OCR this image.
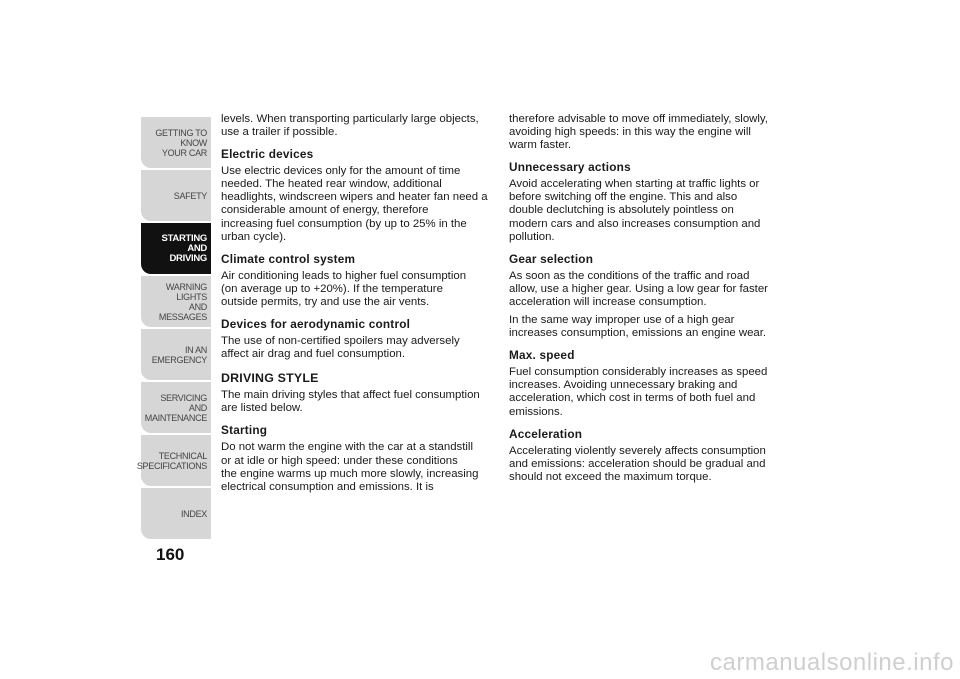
GETTING TO KNOW
YOUR CAR
SAFETY
STARTING AND
DRIVING
WARNING LIGHTS
AND MESSAGES
IN AN EMERGENCY
SERVICING AND
MAINTENANCE
TECHNICAL
SPECIFICATIONS
INDEX
160

levels. When transporting particularly large objects,
use a trailer if possible.

Electric devices

Use electric devices only for the amount of time
needed. The heated rear window, additional
headlights, windscreen wipers and heater fan need a
considerable amount of energy, therefore
increasing fuel consumption (by up to 25% in the
urban cycle).

Climate control system

Air conditioning leads to higher fuel consumption
(on average up to +20%). If the temperature
outside permits, try and use the air vents.

Devices for aerodynamic control

The use of non-certified spoilers may adversely
affect air drag and fuel consumption.

DRIVING STYLE

The main driving styles that affect fuel consumption
are listed below.

Starting

Do not warm the engine with the car at a standstill
or at idle or high speed: under these conditions
the engine warms up much more slowly, increasing
electrical consumption and emissions. It is

therefore advisable to move off immediately, slowly,
avoiding high speeds: in this way the engine will
warm faster.

Unnecessary actions

Avoid accelerating when starting at traffic lights or
before switching off the engine. This and also
double declutching is absolutely pointless on
modern cars and also increases consumption and
pollution.

Gear selection

As soon as the conditions of the traffic and road
allow, use a higher gear. Using a low gear for faster
acceleration will increase consumption.

In the same way improper use of a high gear
increases consumption, emissions an engine wear.

Max. speed

Fuel consumption considerably increases as speed
increases. Avoiding unnecessary braking and
acceleration, which cost in terms of both fuel and
emissions.

Acceleration

Accelerating violently severely affects consumption
and emissions: acceleration should be gradual and
should not exceed the maximum torque.

carmanualsonline.info
